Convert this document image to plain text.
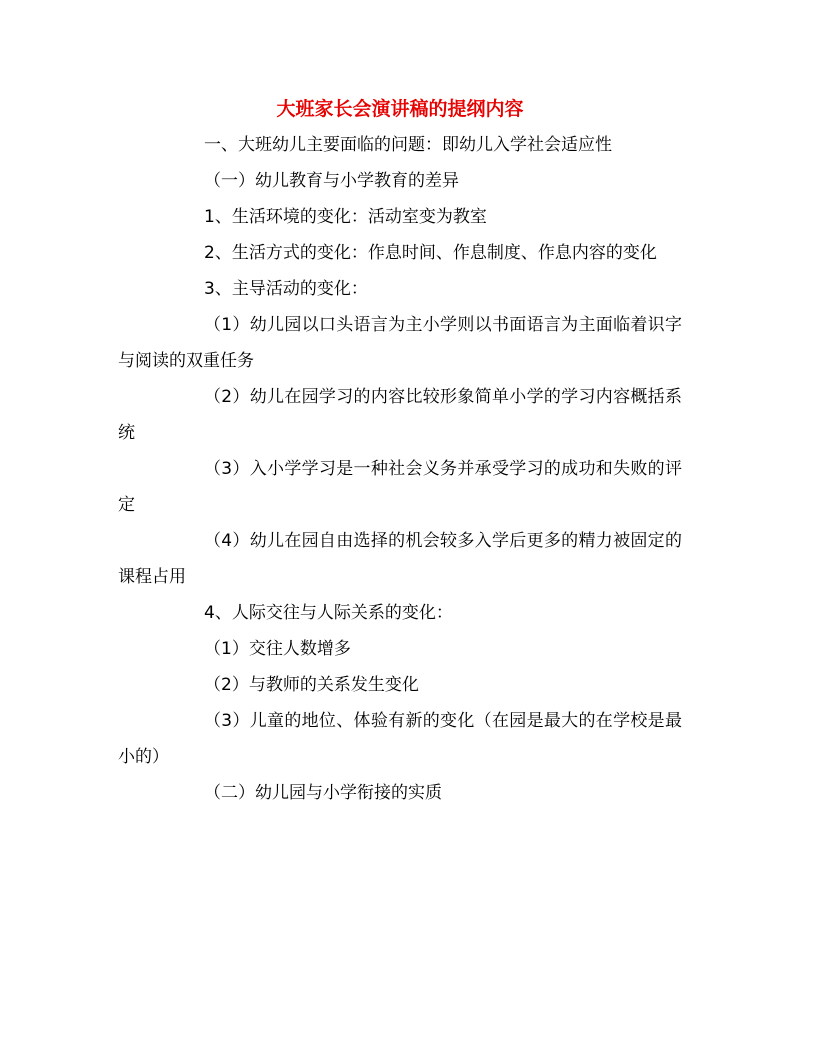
大班家长会演讲稿的提纲内容

一、大班幼儿主要面临的问题：即幼儿入学社会适应性

（一）幼儿教育与小学教育的差异

1、生活环境的变化：活动室变为教室

2、生活方式的变化：作息时间、作息制度、作息内容的变化

3、主导活动的变化：

（1）幼儿园以口头语言为主小学则以书面语言为主面临着识字与阅读的双重任务

（2）幼儿在园学习的内容比较形象简单小学的学习内容概括系统

（3）入小学学习是一种社会义务并承受学习的成功和失败的评定

（4）幼儿在园自由选择的机会较多入学后更多的精力被固定的课程占用

4、人际交往与人际关系的变化：

（1）交往人数增多

（2）与教师的关系发生变化

（3）儿童的地位、体验有新的变化（在园是最大的在学校是最小的）

（二）幼儿园与小学衔接的实质
